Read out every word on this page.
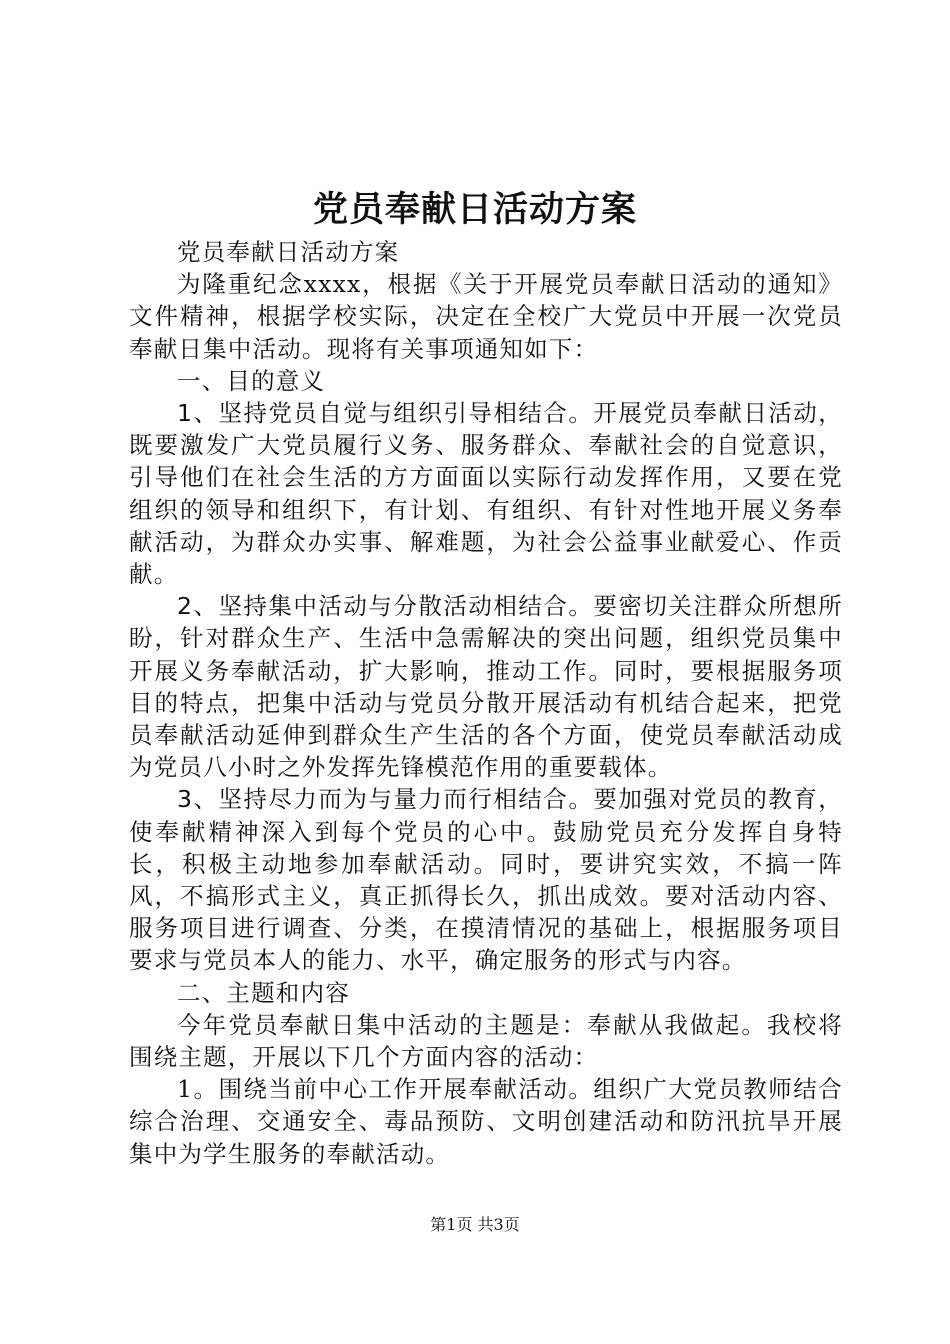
党员奉献日活动方案

党员奉献日活动方案

为隆重纪念xxxx，根据《关于开展党员奉献日活动的通知》文件精神，根据学校实际，决定在全校广大党员中开展一次党员奉献日集中活动。现将有关事项通知如下：

一、目的意义

1、坚持党员自觉与组织引导相结合。开展党员奉献日活动，既要激发广大党员履行义务、服务群众、奉献社会的自觉意识，引导他们在社会生活的方方面面以实际行动发挥作用，又要在党组织的领导和组织下，有计划、有组织、有针对性地开展义务奉献活动，为群众办实事、解难题，为社会公益事业献爱心、作贡献。

2、坚持集中活动与分散活动相结合。要密切关注群众所想所盼，针对群众生产、生活中急需解决的突出问题，组织党员集中开展义务奉献活动，扩大影响，推动工作。同时，要根据服务项目的特点，把集中活动与党员分散开展活动有机结合起来，把党员奉献活动延伸到群众生产生活的各个方面，使党员奉献活动成为党员八小时之外发挥先锋模范作用的重要载体。

3、坚持尽力而为与量力而行相结合。要加强对党员的教育，使奉献精神深入到每个党员的心中。鼓励党员充分发挥自身特长，积极主动地参加奉献活动。同时，要讲究实效，不搞一阵风，不搞形式主义，真正抓得长久，抓出成效。要对活动内容、服务项目进行调查、分类，在摸清情况的基础上，根据服务项目要求与党员本人的能力、水平，确定服务的形式与内容。

二、主题和内容

今年党员奉献日集中活动的主题是：奉献从我做起。我校将围绕主题，开展以下几个方面内容的活动：

1。围绕当前中心工作开展奉献活动。组织广大党员教师结合综合治理、交通安全、毒品预防、文明创建活动和防汛抗旱开展集中为学生服务的奉献活动。

第1页 共3页
